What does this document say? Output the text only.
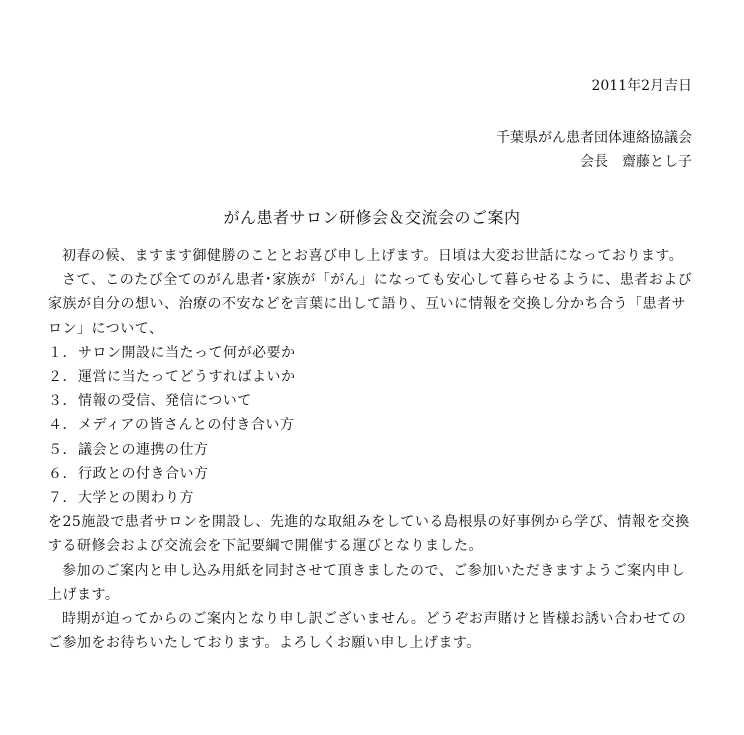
2011年2月吉日
千葉県がん患者団体連絡協議会
会長　齋藤とし子
がん患者サロン研修会＆交流会のご案内

初春の候、ますます御健勝のこととお喜び申し上げます。日頃は大変お世話になっております。

さて、このたび全てのがん患者･家族が「がん」になっても安心して暮らせるように、患者および家族が自分の想い、治療の不安などを言葉に出して語り、互いに情報を交換し分かち合う「患者サロン」について、

１．サロン開設に当たって何が必要か
２．運営に当たってどうすればよいか
３．情報の受信、発信について
４．メディアの皆さんとの付き合い方
５．議会との連携の仕方
６．行政との付き合い方
７．大学との関わり方

を25施設で患者サロンを開設し、先進的な取組みをしている島根県の好事例から学び、情報を交換する研修会および交流会を下記要綱で開催する運びとなりました。

参加のご案内と申し込み用紙を同封させて頂きましたので、ご参加いただきますようご案内申し上げます。

時期が迫ってからのご案内となり申し訳ございません。どうぞお声賭けと皆様お誘い合わせてのご参加をお待ちいたしております。よろしくお願い申し上げます。
